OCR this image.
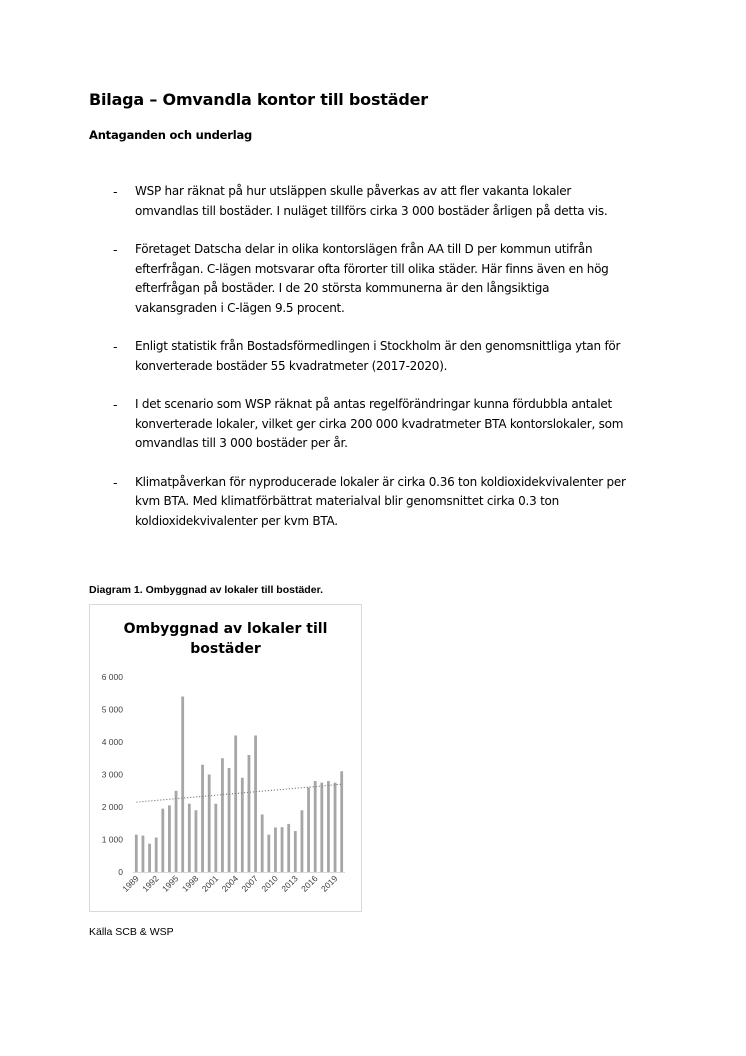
Bilaga – Omvandla kontor till bostäder
Antaganden och underlag
- WSP har räknat på hur utsläppen skulle påverkas av att fler vakanta lokaler
omvandlas till bostäder. I nuläget tillförs cirka 3 000 bostäder årligen på detta vis.
- Företaget Datscha delar in olika kontorslägen från AA till D per kommun utifrån
efterfrågan. C-lägen motsvarar ofta förorter till olika städer. Här finns även en hög
efterfrågan på bostäder. I de 20 största kommunerna är den långsiktiga
vakansgraden i C-lägen 9.5 procent.
- Enligt statistik från Bostadsförmedlingen i Stockholm är den genomsnittliga ytan för
konverterade bostäder 55 kvadratmeter (2017-2020).
- I det scenario som WSP räknat på antas regelförändringar kunna fördubbla antalet
konverterade lokaler, vilket ger cirka 200 000 kvadratmeter BTA kontorslokaler, som
omvandlas till 3 000 bostäder per år.
- Klimatpåverkan för nyproducerade lokaler är cirka 0.36 ton koldioxidekvivalenter per
kvm BTA. Med klimatförbättrat materialval blir genomsnittet cirka 0.3 ton
koldioxidekvivalenter per kvm BTA.

Diagram 1. Ombyggnad av lokaler till bostäder.

Ombyggnad av lokaler till
bostäder
0
1 000
2 000
3 000
4 000
5 000
6 000
1989 1992 1995 1998 2001 2004 2007 2010 2013 2016 2019

Källa SCB & WSP
